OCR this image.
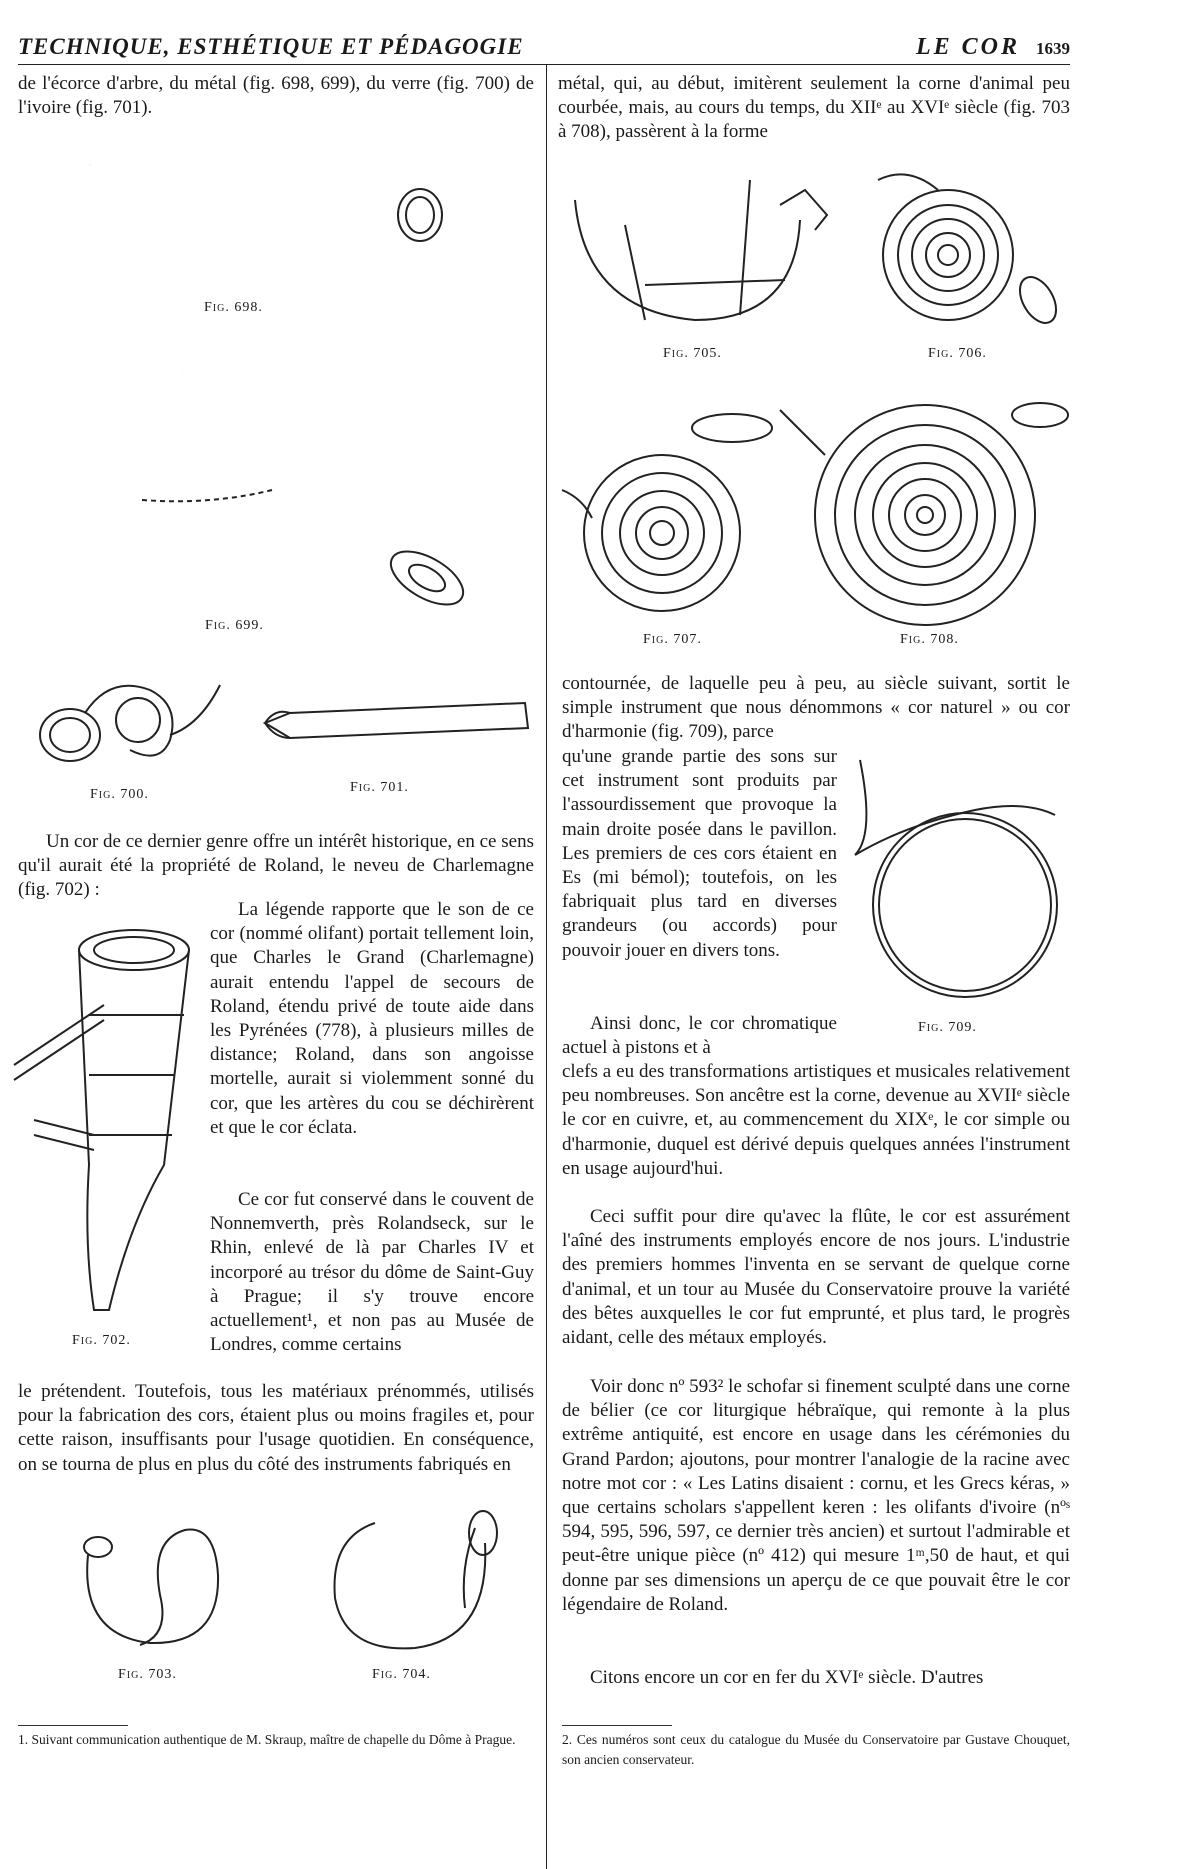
TECHNIQUE, ESTHÉTIQUE ET PÉDAGOGIE	LE COR 1639

de l'écorce d'arbre, du métal (fig. 698, 699), du verre (fig. 700) de l'ivoire (fig. 701).

Fig. 698.
Fig. 699.
Fig. 700.	Fig. 701.

Un cor de ce dernier genre offre un intérêt historique, en ce sens qu'il aurait été la propriété de Roland, le neveu de Charlemagne (fig. 702) :

Fig. 702.

La légende rapporte que le son de ce cor (nommé olifant) portait tellement loin, que Charles le Grand (Charlemagne) aurait entendu l'appel de secours de Roland, étendu privé de toute aide dans les Pyrénées (778), à plusieurs milles de distance; Roland, dans son angoisse mortelle, aurait si violemment sonné du cor, que les artères du cou se déchirèrent et que le cor éclata.

Ce cor fut conservé dans le couvent de Nonnemverth, près Rolandseck, sur le Rhin, enlevé de là par Charles IV et incorporé au trésor du dôme de Saint-Guy à Prague; il s'y trouve encore actuellement¹, et non pas au Musée de Londres, comme certains

le prétendent. Toutefois, tous les matériaux prénommés, utilisés pour la fabrication des cors, étaient plus ou moins fragiles et, pour cette raison, insuffisants pour l'usage quotidien. En conséquence, on se tourna de plus en plus du côté des instruments fabriqués en

Fig. 703.	Fig. 704.
1. Suivant communication authentique de M. Skraup, maître de chapelle du Dôme à Prague.

métal, qui, au début, imitèrent seulement la corne d'animal peu courbée, mais, au cours du temps, du XIIᵉ au XVIᵉ siècle (fig. 703 à 708), passèrent à la forme

Fig. 705.	Fig. 706.
Fig. 707.	Fig. 708.

contournée, de laquelle peu à peu, au siècle suivant, sortit le simple instrument que nous dénommons « cor naturel » ou cor d'harmonie (fig. 709), parce

qu'une grande partie des sons sur cet instrument sont produits par l'assourdissement que provoque la main droite posée dans le pavillon. Les premiers de ces cors étaient en Es (mi bémol); toutefois, on les fabriquait plus tard en diverses grandeurs (ou accords) pour pouvoir jouer en divers tons.

Fig. 709.

Ainsi donc, le cor chromatique actuel à pistons et à

clefs a eu des transformations artistiques et musicales relativement peu nombreuses. Son ancêtre est la corne, devenue au XVIIᵉ siècle le cor en cuivre, et, au commencement du XIXᵉ, le cor simple ou d'harmonie, duquel est dérivé depuis quelques années l'instrument en usage aujourd'hui.

Ceci suffit pour dire qu'avec la flûte, le cor est assurément l'aîné des instruments employés encore de nos jours. L'industrie des premiers hommes l'inventa en se servant de quelque corne d'animal, et un tour au Musée du Conservatoire prouve la variété des bêtes auxquelles le cor fut emprunté, et plus tard, le progrès aidant, celle des métaux employés.

Voir donc nº 593² le schofar si finement sculpté dans une corne de bélier (ce cor liturgique hébraïque, qui remonte à la plus extrême antiquité, est encore en usage dans les cérémonies du Grand Pardon; ajoutons, pour montrer l'analogie de la racine avec notre mot cor : « Les Latins disaient : cornu, et les Grecs kéras, » que certains scholars s'appellent keren : les olifants d'ivoire (nºˢ 594, 595, 596, 597, ce dernier très ancien) et surtout l'admirable et peut-être unique pièce (nº 412) qui mesure 1ᵐ,50 de haut, et qui donne par ses dimensions un aperçu de ce que pouvait être le cor légendaire de Roland.

Citons encore un cor en fer du XVIᵉ siècle. D'autres

2. Ces numéros sont ceux du catalogue du Musée du Conservatoire par Gustave Chouquet, son ancien conservateur.
